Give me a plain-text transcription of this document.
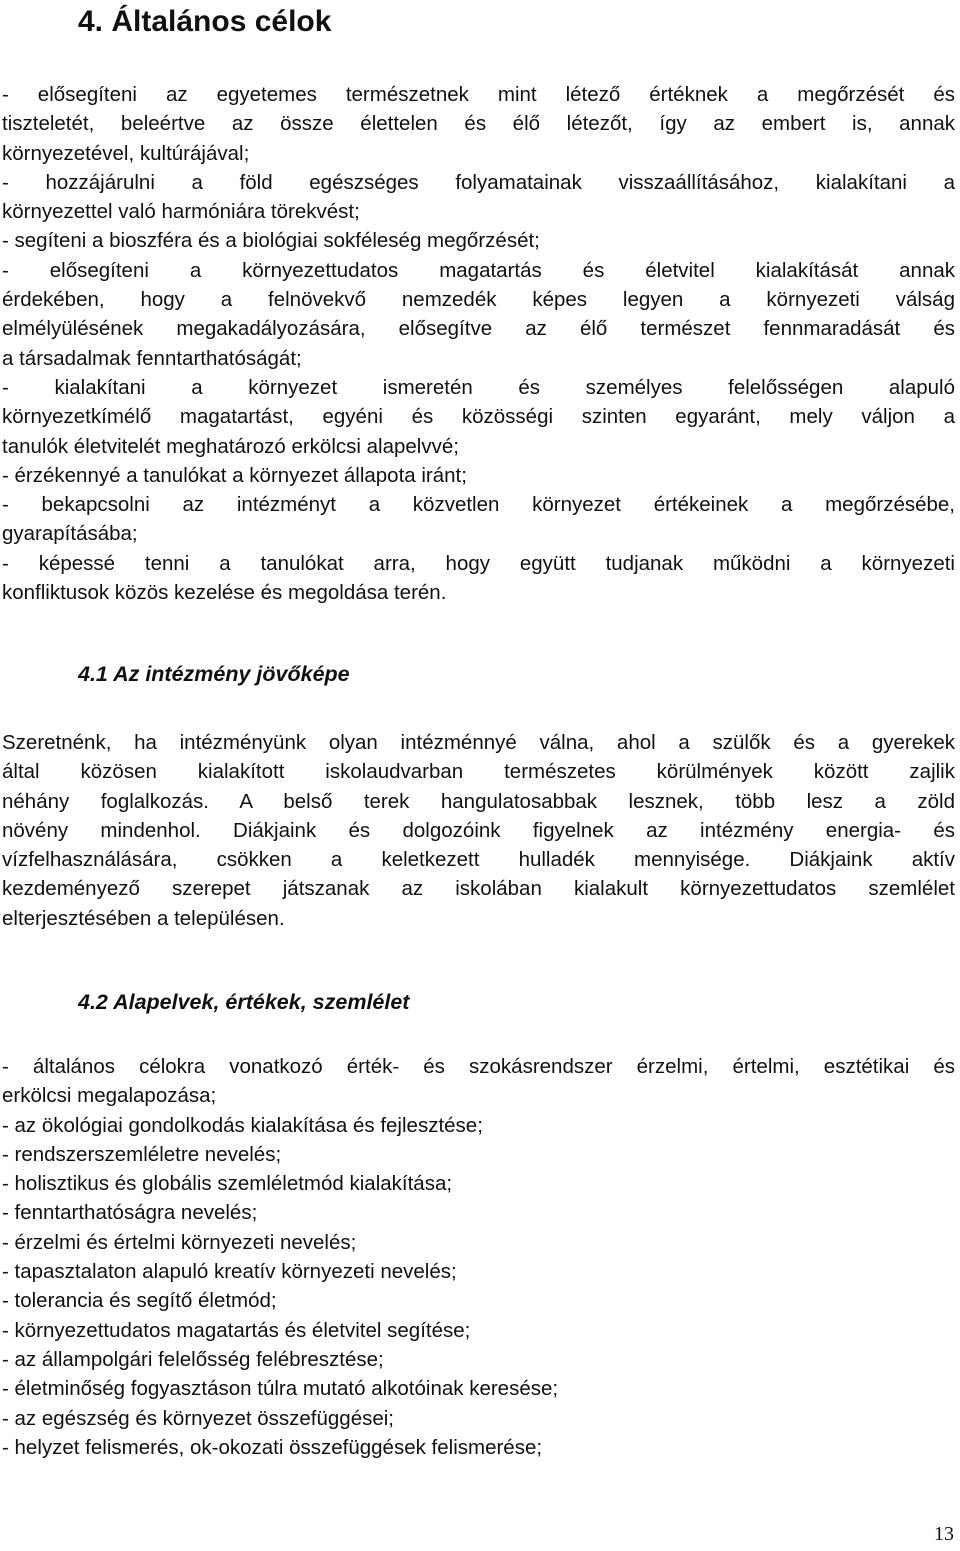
4. Általános célok
- elősegíteni az egyetemes természetnek mint létező értéknek a megőrzését és
tiszteletét, beleértve az össze élettelen és élő létezőt, így az embert is, annak
környezetével, kultúrájával;
- hozzájárulni a föld egészséges folyamatainak visszaállításához, kialakítani a
környezettel való harmóniára törekvést;
- segíteni a bioszféra és a biológiai sokféleség megőrzését;
- elősegíteni a környezettudatos magatartás és életvitel kialakítását annak
érdekében, hogy a felnövekvő nemzedék képes legyen a környezeti válság
elmélyülésének megakadályozására, elősegítve az élő természet fennmaradását és
a társadalmak fenntarthatóságát;
- kialakítani a környezet ismeretén és személyes felelősségen alapuló
környezetkímélő magatartást, egyéni és közösségi szinten egyaránt, mely váljon a
tanulók életvitelét meghatározó erkölcsi alapelvvé;
- érzékennyé a tanulókat a környezet állapota iránt;
- bekapcsolni az intézményt a közvetlen környezet értékeinek a megőrzésébe,
gyarapításába;
- képessé tenni a tanulókat arra, hogy együtt tudjanak működni a környezeti
konfliktusok közös kezelése és megoldása terén.
4.1 Az intézmény jövőképe
Szeretnénk, ha intézményünk olyan intézménnyé válna, ahol a szülők és a gyerekek
által közösen kialakított iskolaudvarban természetes körülmények között zajlik
néhány foglalkozás. A belső terek hangulatosabbak lesznek, több lesz a zöld
növény mindenhol. Diákjaink és dolgozóink figyelnek az intézmény energia- és
vízfelhasználására, csökken a keletkezett hulladék mennyisége. Diákjaink aktív
kezdeményező szerepet játszanak az iskolában kialakult környezettudatos szemlélet
elterjesztésében a településen.
4.2 Alapelvek, értékek, szemlélet
- általános célokra vonatkozó érték- és szokásrendszer érzelmi, értelmi, esztétikai és
erkölcsi megalapozása;
- az ökológiai gondolkodás kialakítása és fejlesztése;
- rendszerszemléletre nevelés;
- holisztikus és globális szemléletmód kialakítása;
- fenntarthatóságra nevelés;
- érzelmi és értelmi környezeti nevelés;
- tapasztalaton alapuló kreatív környezeti nevelés;
- tolerancia és segítő életmód;
- környezettudatos magatartás és életvitel segítése;
- az állampolgári felelősség felébresztése;
- életminőség fogyasztáson túlra mutató alkotóinak keresése;
- az egészség és környezet összefüggései;
- helyzet felismerés, ok-okozati összefüggések felismerése;
13
